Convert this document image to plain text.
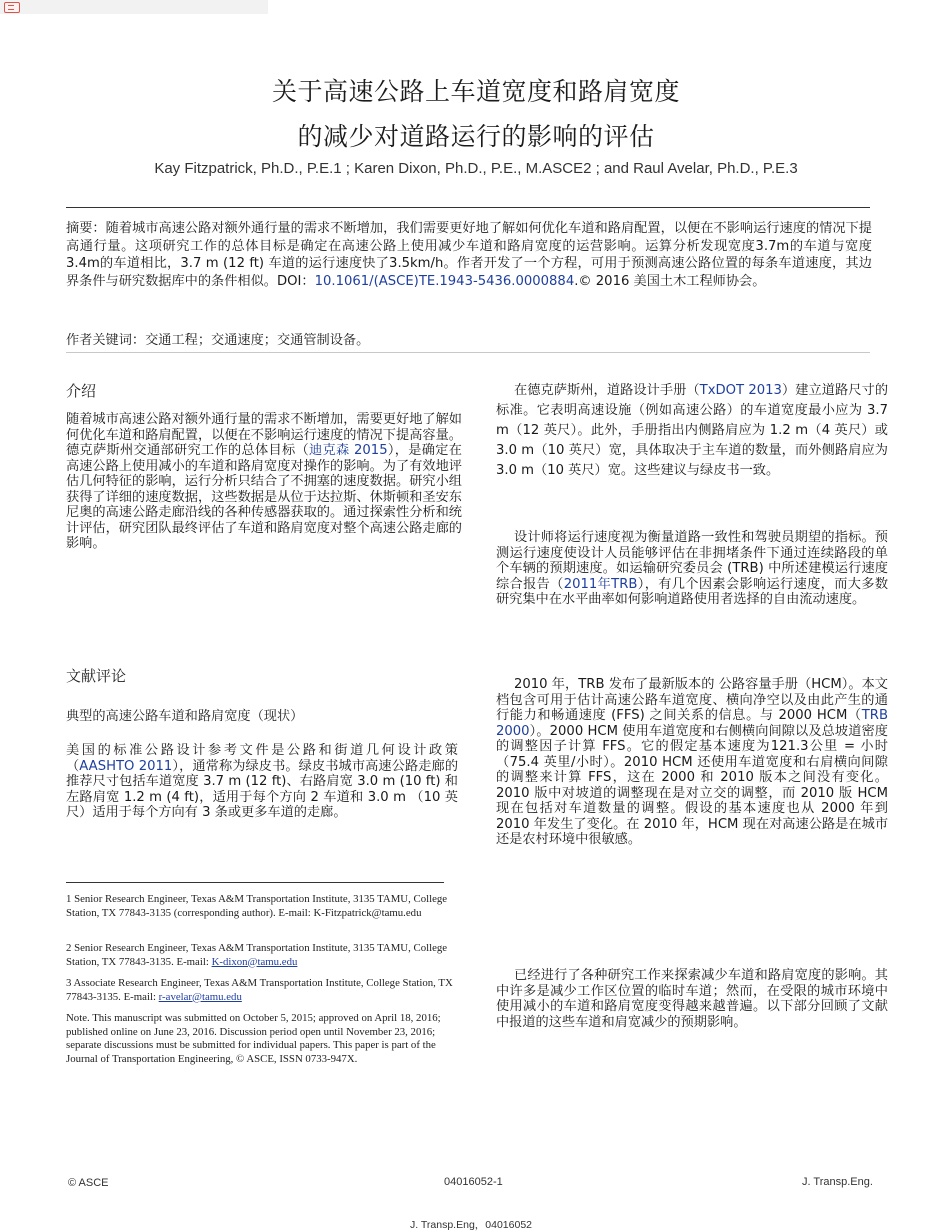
关于高速公路上车道宽度和路肩宽度
的减少对道路运行的影响的评估
Kay Fitzpatrick, Ph.D., P.E.1 ; Karen Dixon, Ph.D., P.E., M.ASCE2 ; and Raul Avelar, Ph.D., P.E.3
摘要：随着城市高速公路对额外通行量的需求不断增加，我们需要更好地了解如何优化车道和路肩配置，以便在不影响运行速度的情况下提高通行量。这项研究工作的总体目标是确定在高速公路上使用减少车道和路肩宽度的运营影响。运算分析发现宽度3.7m的车道与宽度3.4m的车道相比，3.7 m (12 ft) 车道的运行速度快了3.5km/h。作者开发了一个方程，可用于预测高速公路位置的每条车道速度，其边界条件与研究数据库中的条件相似。DOI：10.1061/(ASCE)TE.1943-5436.0000884.© 2016 美国土木工程师协会。
作者关键词：交通工程；交通速度；交通管制设备。
介绍
随着城市高速公路对额外通行量的需求不断增加，需要更好地了解如何优化车道和路肩配置，以便在不影响运行速度的情况下提高容量。德克萨斯州交通部研究工作的总体目标（迪克森 2015），是确定在高速公路上使用减小的车道和路肩宽度对操作的影响。为了有效地评估几何特征的影响，运行分析只结合了不拥塞的速度数据。研究小组获得了详细的速度数据，这些数据是从位于达拉斯、休斯顿和圣安东尼奥的高速公路走廊沿线的各种传感器获取的。通过探索性分析和统计评估，研究团队最终评估了车道和路肩宽度对整个高速公路走廊的影响。
文献评论
典型的高速公路车道和路肩宽度（现状）
美国的标准公路设计参考文件是公路和街道几何设计政策（AASHTO 2011），通常称为绿皮书。绿皮书城市高速公路走廊的推荐尺寸包括车道宽度 3.7 m (12 ft)、右路肩宽 3.0 m (10 ft) 和左路肩宽 1.2 m (4 ft)，适用于每个方向 2 车道和 3.0 m （10 英尺）适用于每个方向有 3 条或更多车道的走廊。
1 Senior Research Engineer, Texas A&M Transportation Institute, 3135 TAMU, College Station, TX 77843-3135 (corresponding author). E-mail: K-Fitzpatrick@tamu.edu
2 Senior Research Engineer, Texas A&M Transportation Institute, 3135 TAMU, College Station, TX 77843-3135. E-mail: K-dixon@tamu.edu
3 Associate Research Engineer, Texas A&M Transportation Institute, College Station, TX 77843-3135. E-mail: r-avelar@tamu.edu
Note. This manuscript was submitted on October 5, 2015; approved on April 18, 2016; published online on June 23, 2016. Discussion period open until November 23, 2016; separate discussions must be submitted for individual papers. This paper is part of the Journal of Transportation Engineering, © ASCE, ISSN 0733-947X.
在德克萨斯州，道路设计手册（TxDOT 2013）建立道路尺寸的标准。它表明高速设施（例如高速公路）的车道宽度最小应为 3.7 m（12 英尺）。此外，手册指出内侧路肩应为 1.2 m（4 英尺）或 3.0 m（10 英尺）宽，具体取决于主车道的数量，而外侧路肩应为 3.0 m（10 英尺）宽。这些建议与绿皮书一致。
设计师将运行速度视为衡量道路一致性和驾驶员期望的指标。预测运行速度使设计人员能够评估在非拥堵条件下通过连续路段的单个车辆的预期速度。如运输研究委员会 (TRB) 中所述建模运行速度综合报告（2011年TRB），有几个因素会影响运行速度，而大多数研究集中在水平曲率如何影响道路使用者选择的自由流动速度。
2010 年，TRB 发布了最新版本的 公路容量手册（HCM）。本文档包含可用于估计高速公路车道宽度、横向净空以及由此产生的通行能力和畅通速度 (FFS) 之间关系的信息。与 2000 HCM（TRB 2000）。2000 HCM 使用车道宽度和右侧横向间隙以及总坡道密度的调整因子计算 FFS。它的假定基本速度为121.3公里 = 小时（75.4 英里/小时）。2010 HCM 还使用车道宽度和右肩横向间隙的调整来计算 FFS，这在 2000 和 2010 版本之间没有变化。2010 版中对坡道的调整现在是对立交的调整，而 2010 版 HCM 现在包括对车道数量的调整。假设的基本速度也从 2000 年到 2010 年发生了变化。在 2010 年，HCM 现在对高速公路是在城市还是农村环境中很敏感。
已经进行了各种研究工作来探索减少车道和路肩宽度的影响。其中许多是减少工作区位置的临时车道；然而，在受限的城市环境中使用减小的车道和路肩宽度变得越来越普遍。以下部分回顾了文献中报道的这些车道和肩宽减少的预期影响。
© ASCE	04016052-1	J. Transp.Eng.
J. Transp.Eng，04016052
